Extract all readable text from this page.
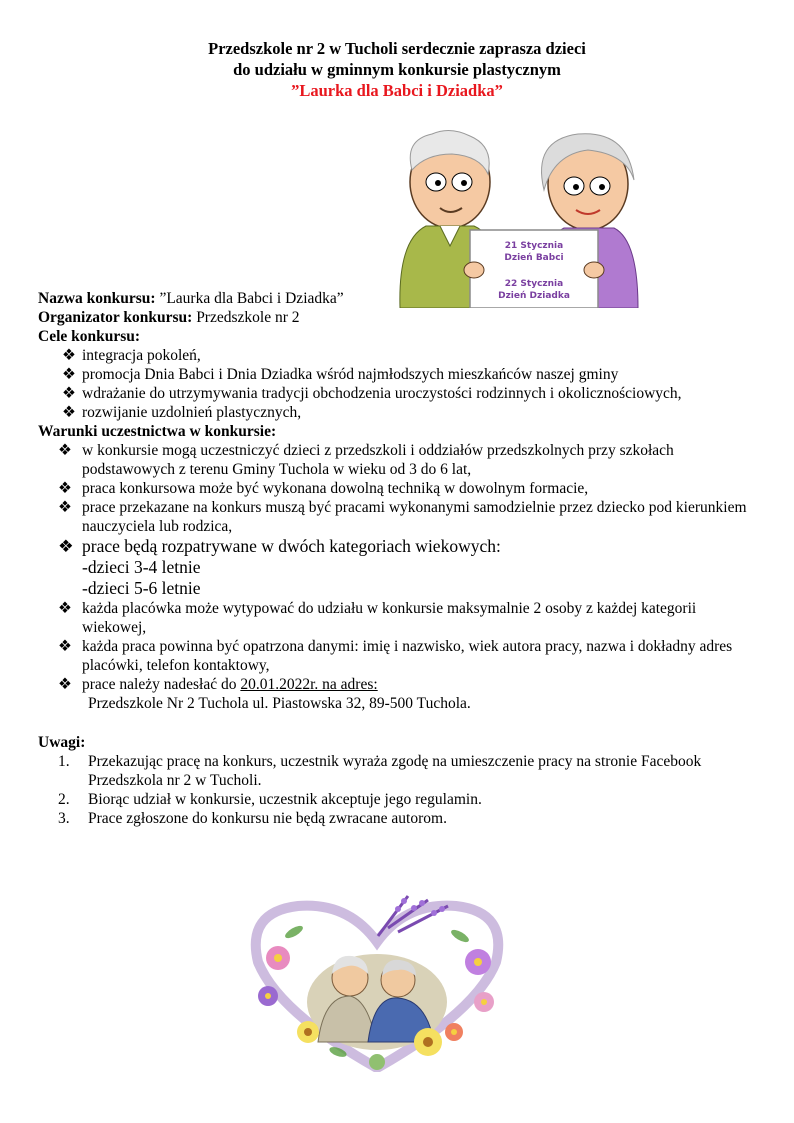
Przedszkole nr 2 w Tucholi serdecznie zaprasza dzieci
do udziału w gminnym konkursie plastycznym
”Laurka dla Babci i Dziadka”
21 Stycznia
Dzień Babci
22 Stycznia
Dzień Dziadka
Nazwa konkursu: ”Laurka dla Babci i Dziadka”
Organizator konkursu: Przedszkole nr 2
Cele konkursu:
❖ integracja pokoleń,
❖ promocja Dnia Babci i Dnia Dziadka wśród najmłodszych mieszkańców naszej gminy
❖ wdrażanie do utrzymywania tradycji obchodzenia uroczystości rodzinnych i okolicznościowych,
❖ rozwijanie uzdolnień plastycznych,
Warunki uczestnictwa w konkursie:
❖ w konkursie mogą uczestniczyć dzieci z przedszkoli i oddziałów przedszkolnych przy szkołach podstawowych z terenu Gminy Tuchola w wieku od 3 do 6 lat,
❖ praca konkursowa może być wykonana dowolną techniką w dowolnym formacie,
❖ prace przekazane na konkurs muszą być pracami wykonanymi samodzielnie przez dziecko pod kierunkiem nauczyciela lub rodzica,
❖ prace będą rozpatrywane w dwóch kategoriach wiekowych:
-dzieci 3-4 letnie
-dzieci 5-6 letnie
❖ każda placówka może wytypować do udziału w konkursie maksymalnie 2 osoby z każdej kategorii wiekowej,
❖ każda praca powinna być opatrzona danymi: imię i nazwisko, wiek autora pracy, nazwa i dokładny adres placówki, telefon kontaktowy,
❖ prace należy nadesłać do 20.01.2022r. na adres:
Przedszkole Nr 2 Tuchola ul. Piastowska 32, 89-500 Tuchola.
Uwagi:
1. Przekazując pracę na konkurs, uczestnik wyraża zgodę na umieszczenie pracy na stronie Facebook Przedszkola nr 2 w Tucholi.
2. Biorąc udział w konkursie, uczestnik akceptuje jego regulamin.
3. Prace zgłoszone do konkursu nie będą zwracane autorom.
